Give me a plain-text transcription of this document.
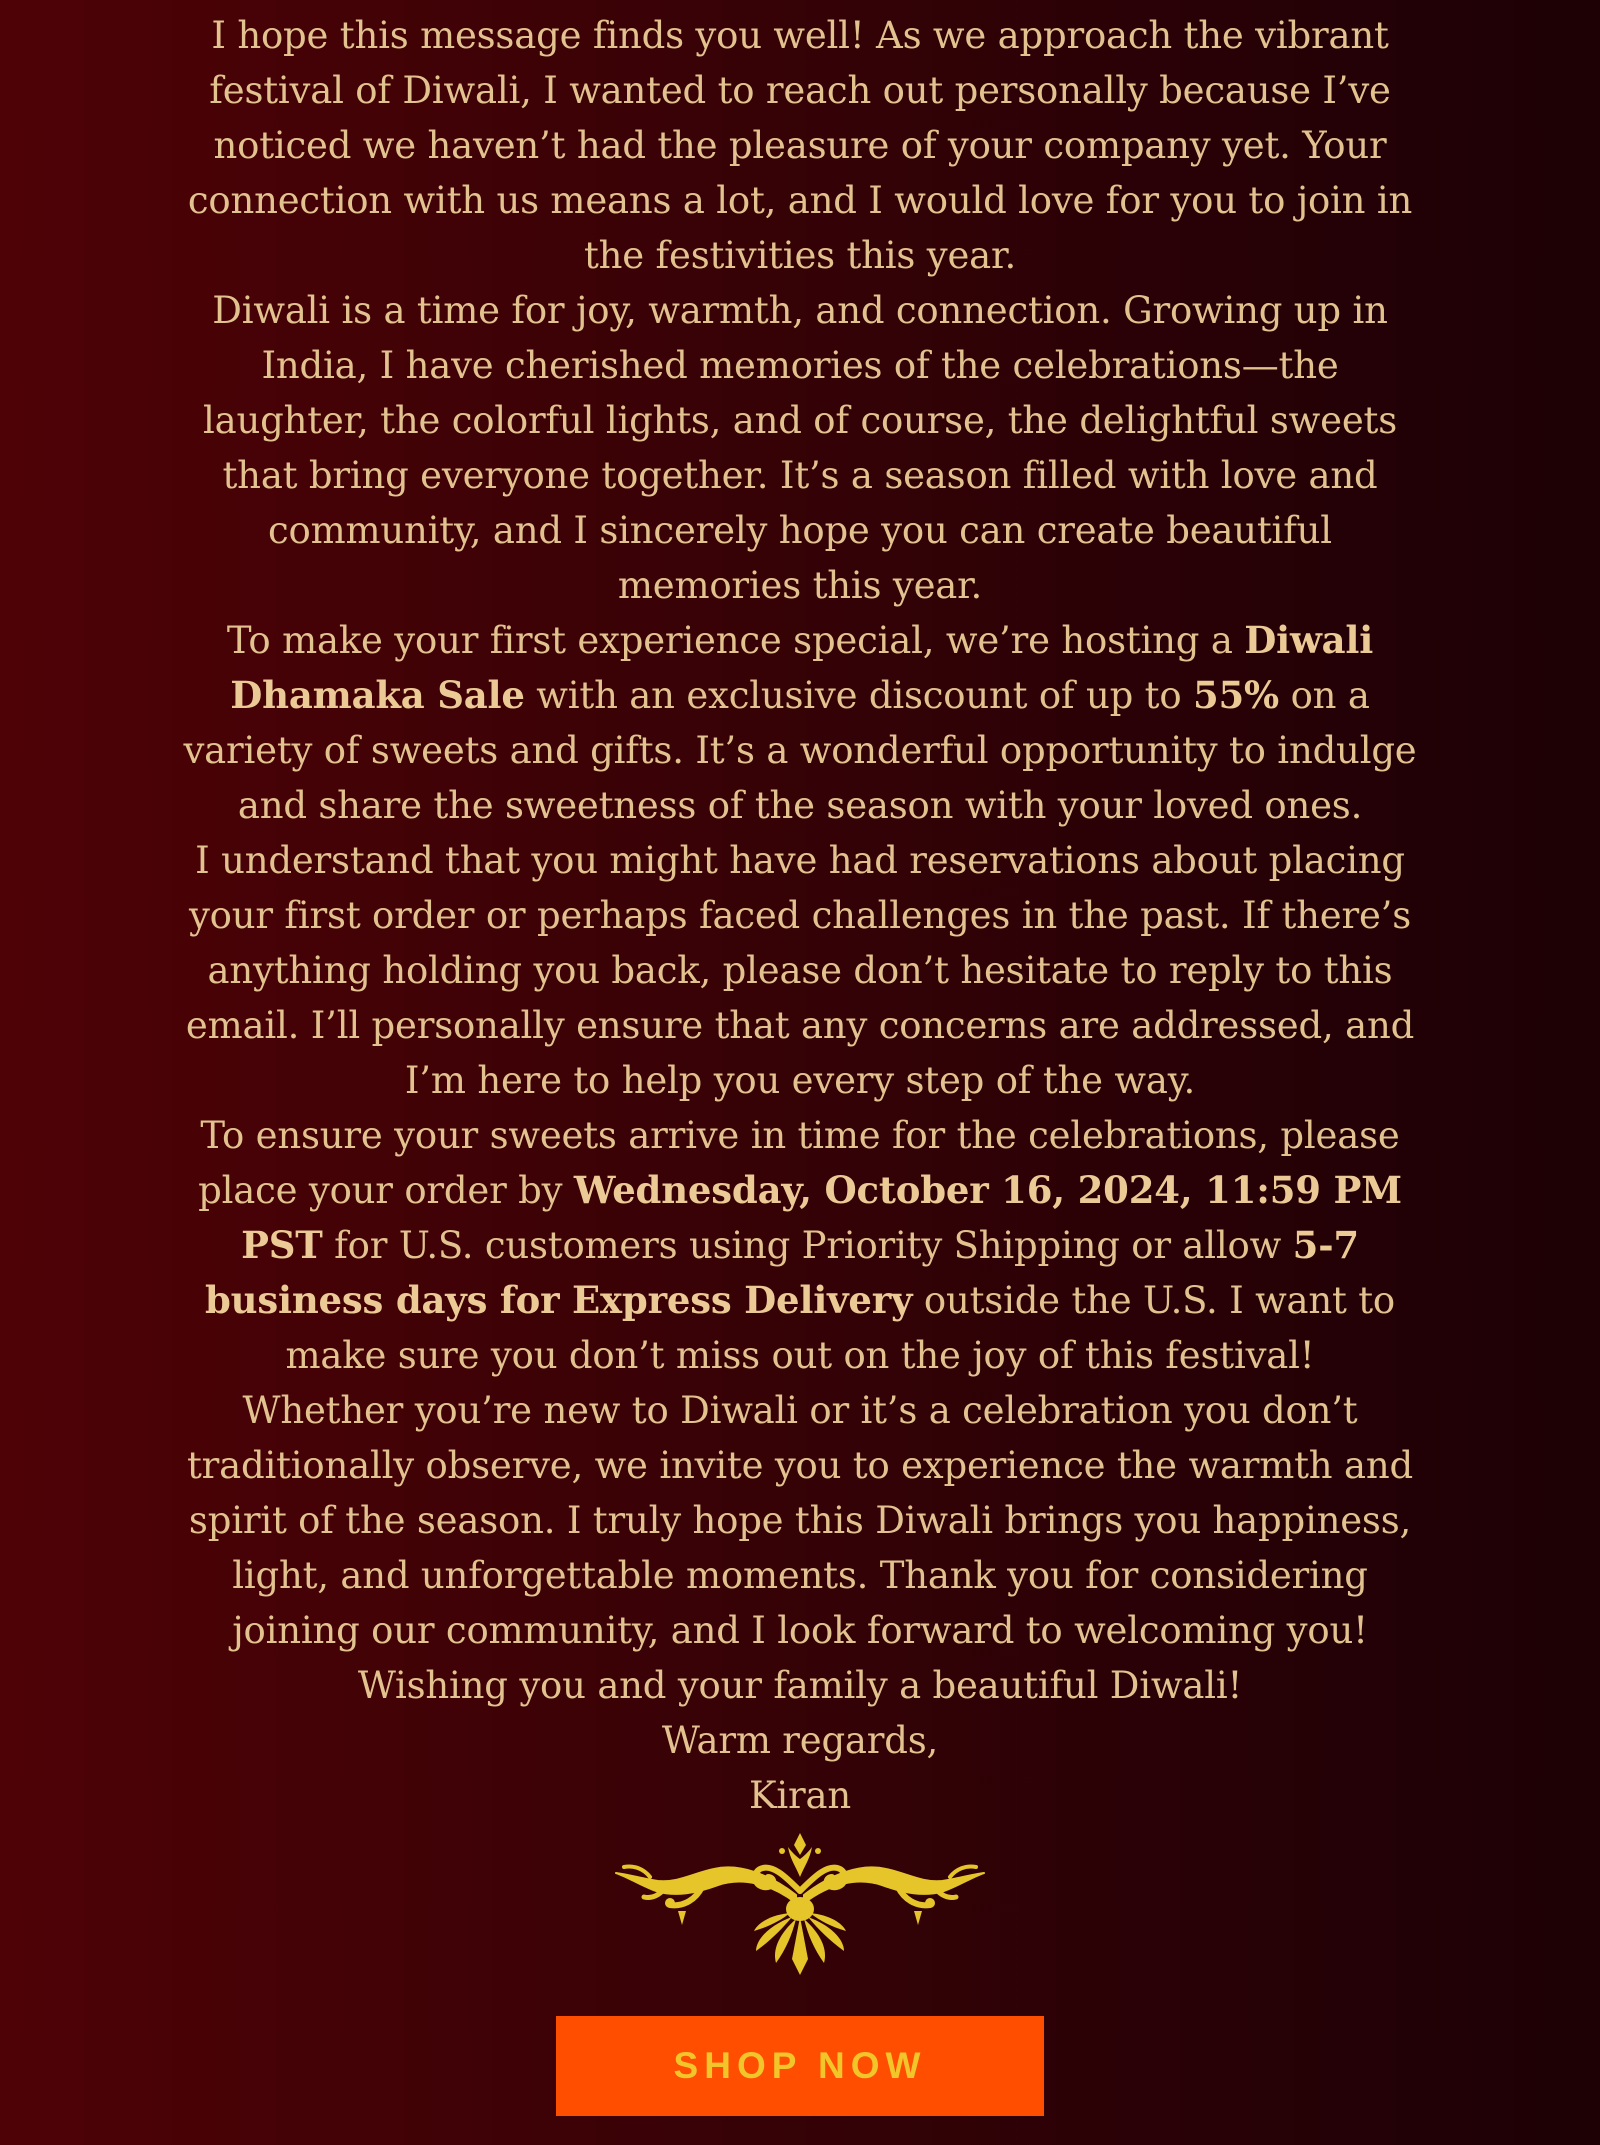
I hope this message finds you well! As we approach the vibrant festival of Diwali, I wanted to reach out personally because I’ve noticed we haven’t had the pleasure of your company yet. Your connection with us means a lot, and I would love for you to join in the festivities this year.

Diwali is a time for joy, warmth, and connection. Growing up in India, I have cherished memories of the celebrations—the laughter, the colorful lights, and of course, the delightful sweets that bring everyone together. It’s a season filled with love and community, and I sincerely hope you can create beautiful memories this year.

To make your first experience special, we’re hosting a Diwali Dhamaka Sale with an exclusive discount of up to 55% on a variety of sweets and gifts. It’s a wonderful opportunity to indulge and share the sweetness of the season with your loved ones.

I understand that you might have had reservations about placing your first order or perhaps faced challenges in the past. If there’s anything holding you back, please don’t hesitate to reply to this email. I’ll personally ensure that any concerns are addressed, and I’m here to help you every step of the way.

To ensure your sweets arrive in time for the celebrations, please place your order by Wednesday, October 16, 2024, 11:59 PM PST for U.S. customers using Priority Shipping or allow 5-7 business days for Express Delivery outside the U.S. I want to make sure you don’t miss out on the joy of this festival!

Whether you’re new to Diwali or it’s a celebration you don’t traditionally observe, we invite you to experience the warmth and spirit of the season. I truly hope this Diwali brings you happiness, light, and unforgettable moments. Thank you for considering joining our community, and I look forward to welcoming you!

Wishing you and your family a beautiful Diwali!

Warm regards,

Kiran

SHOP NOW
